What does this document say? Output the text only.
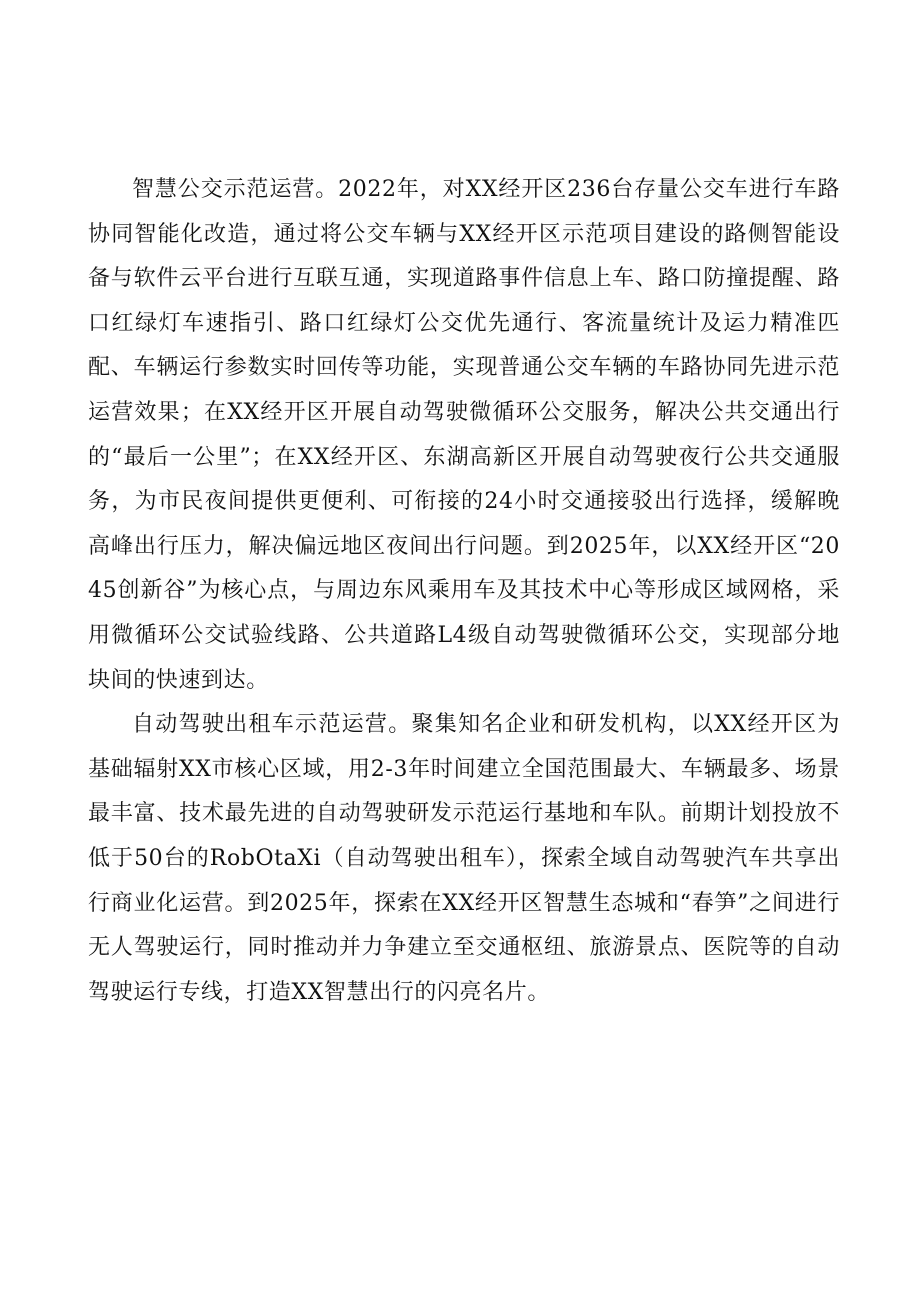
智慧公交示范运营。2022年，对XX经开区236台存量公交车进行车路协同智能化改造，通过将公交车辆与XX经开区示范项目建设的路侧智能设备与软件云平台进行互联互通，实现道路事件信息上车、路口防撞提醒、路口红绿灯车速指引、路口红绿灯公交优先通行、客流量统计及运力精准匹配、车辆运行参数实时回传等功能，实现普通公交车辆的车路协同先进示范运营效果；在XX经开区开展自动驾驶微循环公交服务，解决公共交通出行的“最后一公里”；在XX经开区、东湖高新区开展自动驾驶夜行公共交通服务，为市民夜间提供更便利、可衔接的24小时交通接驳出行选择，缓解晚高峰出行压力，解决偏远地区夜间出行问题。到2025年，以XX经开区“2045创新谷”为核心点，与周边东风乘用车及其技术中心等形成区域网格，采用微循环公交试验线路、公共道路L4级自动驾驶微循环公交，实现部分地块间的快速到达。

自动驾驶出租车示范运营。聚集知名企业和研发机构，以XX经开区为基础辐射XX市核心区域，用2-3年时间建立全国范围最大、车辆最多、场景最丰富、技术最先进的自动驾驶研发示范运行基地和车队。前期计划投放不低于50台的RobOtaXi（自动驾驶出租车），探索全域自动驾驶汽车共享出行商业化运营。到2025年，探索在XX经开区智慧生态城和“春笋”之间进行无人驾驶运行，同时推动并力争建立至交通枢纽、旅游景点、医院等的自动驾驶运行专线，打造XX智慧出行的闪亮名片。
